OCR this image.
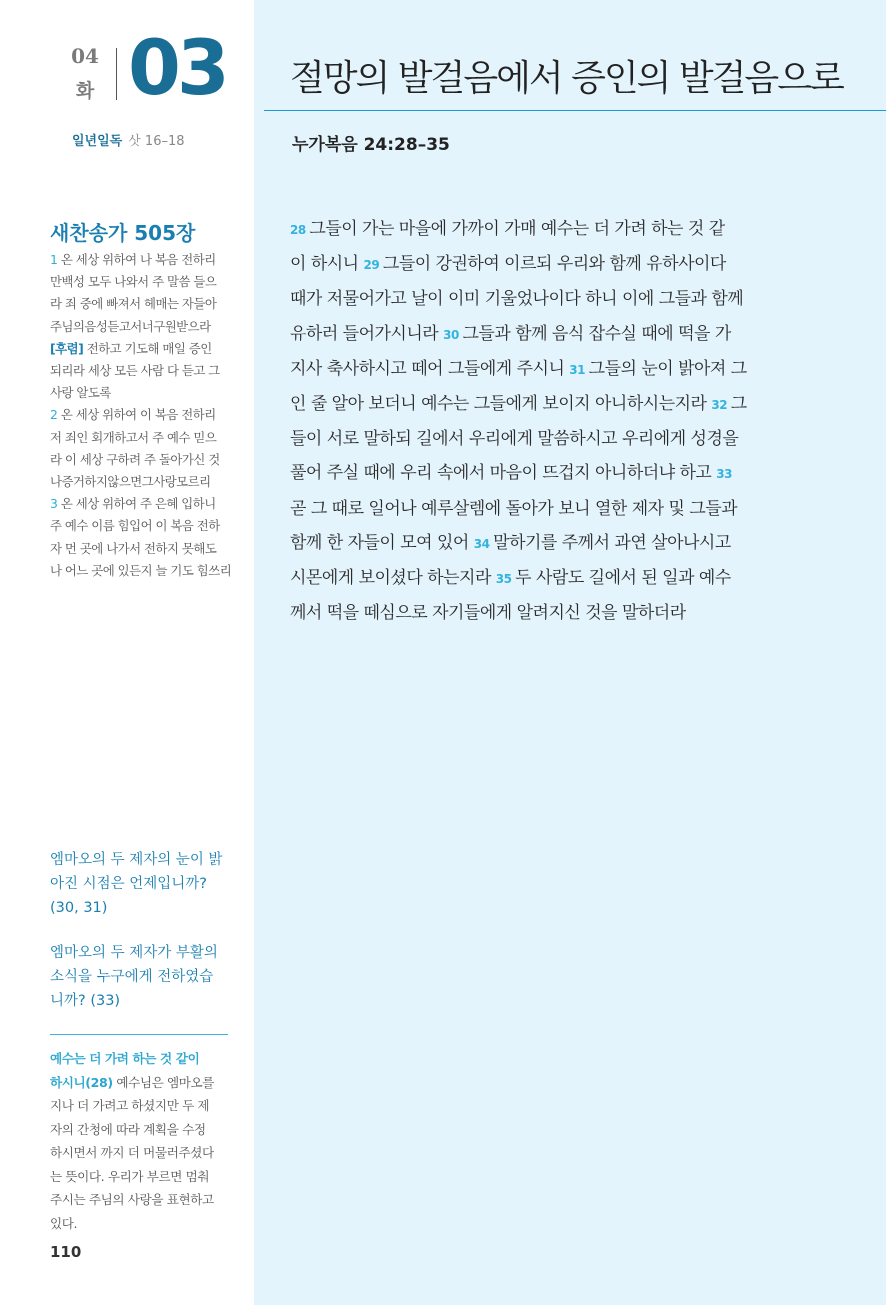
04
화 03
일년일독 삿 16–18
새찬송가 505장

1 온 세상 위하여 나 복음 전하리

만백성 모두 나와서 주 말씀 들으

라 죄 중에 빠져서 헤매는 자들아

주님의음성듣고서너구원받으라

[후렴] 전하고 기도해 매일 증인

되리라 세상 모든 사람 다 듣고 그

사랑 알도록

2 온 세상 위하여 이 복음 전하리

저 죄인 회개하고서 주 예수 믿으

라 이 세상 구하려 주 돌아가신 것

나증거하지않으면그사랑모르리

3 온 세상 위하여 주 은혜 입하니

주 예수 이름 힘입어 이 복음 전하

자 먼 곳에 나가서 전하지 못해도

나 어느 곳에 있든지 늘 기도 힘쓰리

엠마오의 두 제자의 눈이 밝
아진 시점은 언제입니까?
(30, 31)
엠마오의 두 제자가 부활의
소식을 누구에게 전하였습
니까? (33)
예수는 더 가려 하는 것 같이
하시니(28) 예수님은 엠마오를
지나 더 가려고 하셨지만 두 제
자의 간청에 따라 계획을 수정
하시면서 까지 더 머물러주셨다
는 뜻이다. 우리가 부르면 멈춰
주시는 주님의 사랑을 표현하고
있다.
110
절망의 발걸음에서 증인의 발걸음으로
누가복음 24:28–35
28 그들이 가는 마을에 가까이 가매 예수는 더 가려 하는 것 같
이 하시니 29 그들이 강권하여 이르되 우리와 함께 유하사이다
때가 저물어가고 날이 이미 기울었나이다 하니 이에 그들과 함께
유하러 들어가시니라 30 그들과 함께 음식 잡수실 때에 떡을 가
지사 축사하시고 떼어 그들에게 주시니 31 그들의 눈이 밝아져 그
인 줄 알아 보더니 예수는 그들에게 보이지 아니하시는지라 32 그
들이 서로 말하되 길에서 우리에게 말씀하시고 우리에게 성경을
풀어 주실 때에 우리 속에서 마음이 뜨겁지 아니하더냐 하고 33
곧 그 때로 일어나 예루살렘에 돌아가 보니 열한 제자 및 그들과
함께 한 자들이 모여 있어 34 말하기를 주께서 과연 살아나시고
시몬에게 보이셨다 하는지라 35 두 사람도 길에서 된 일과 예수
께서 떡을 떼심으로 자기들에게 알려지신 것을 말하더라
